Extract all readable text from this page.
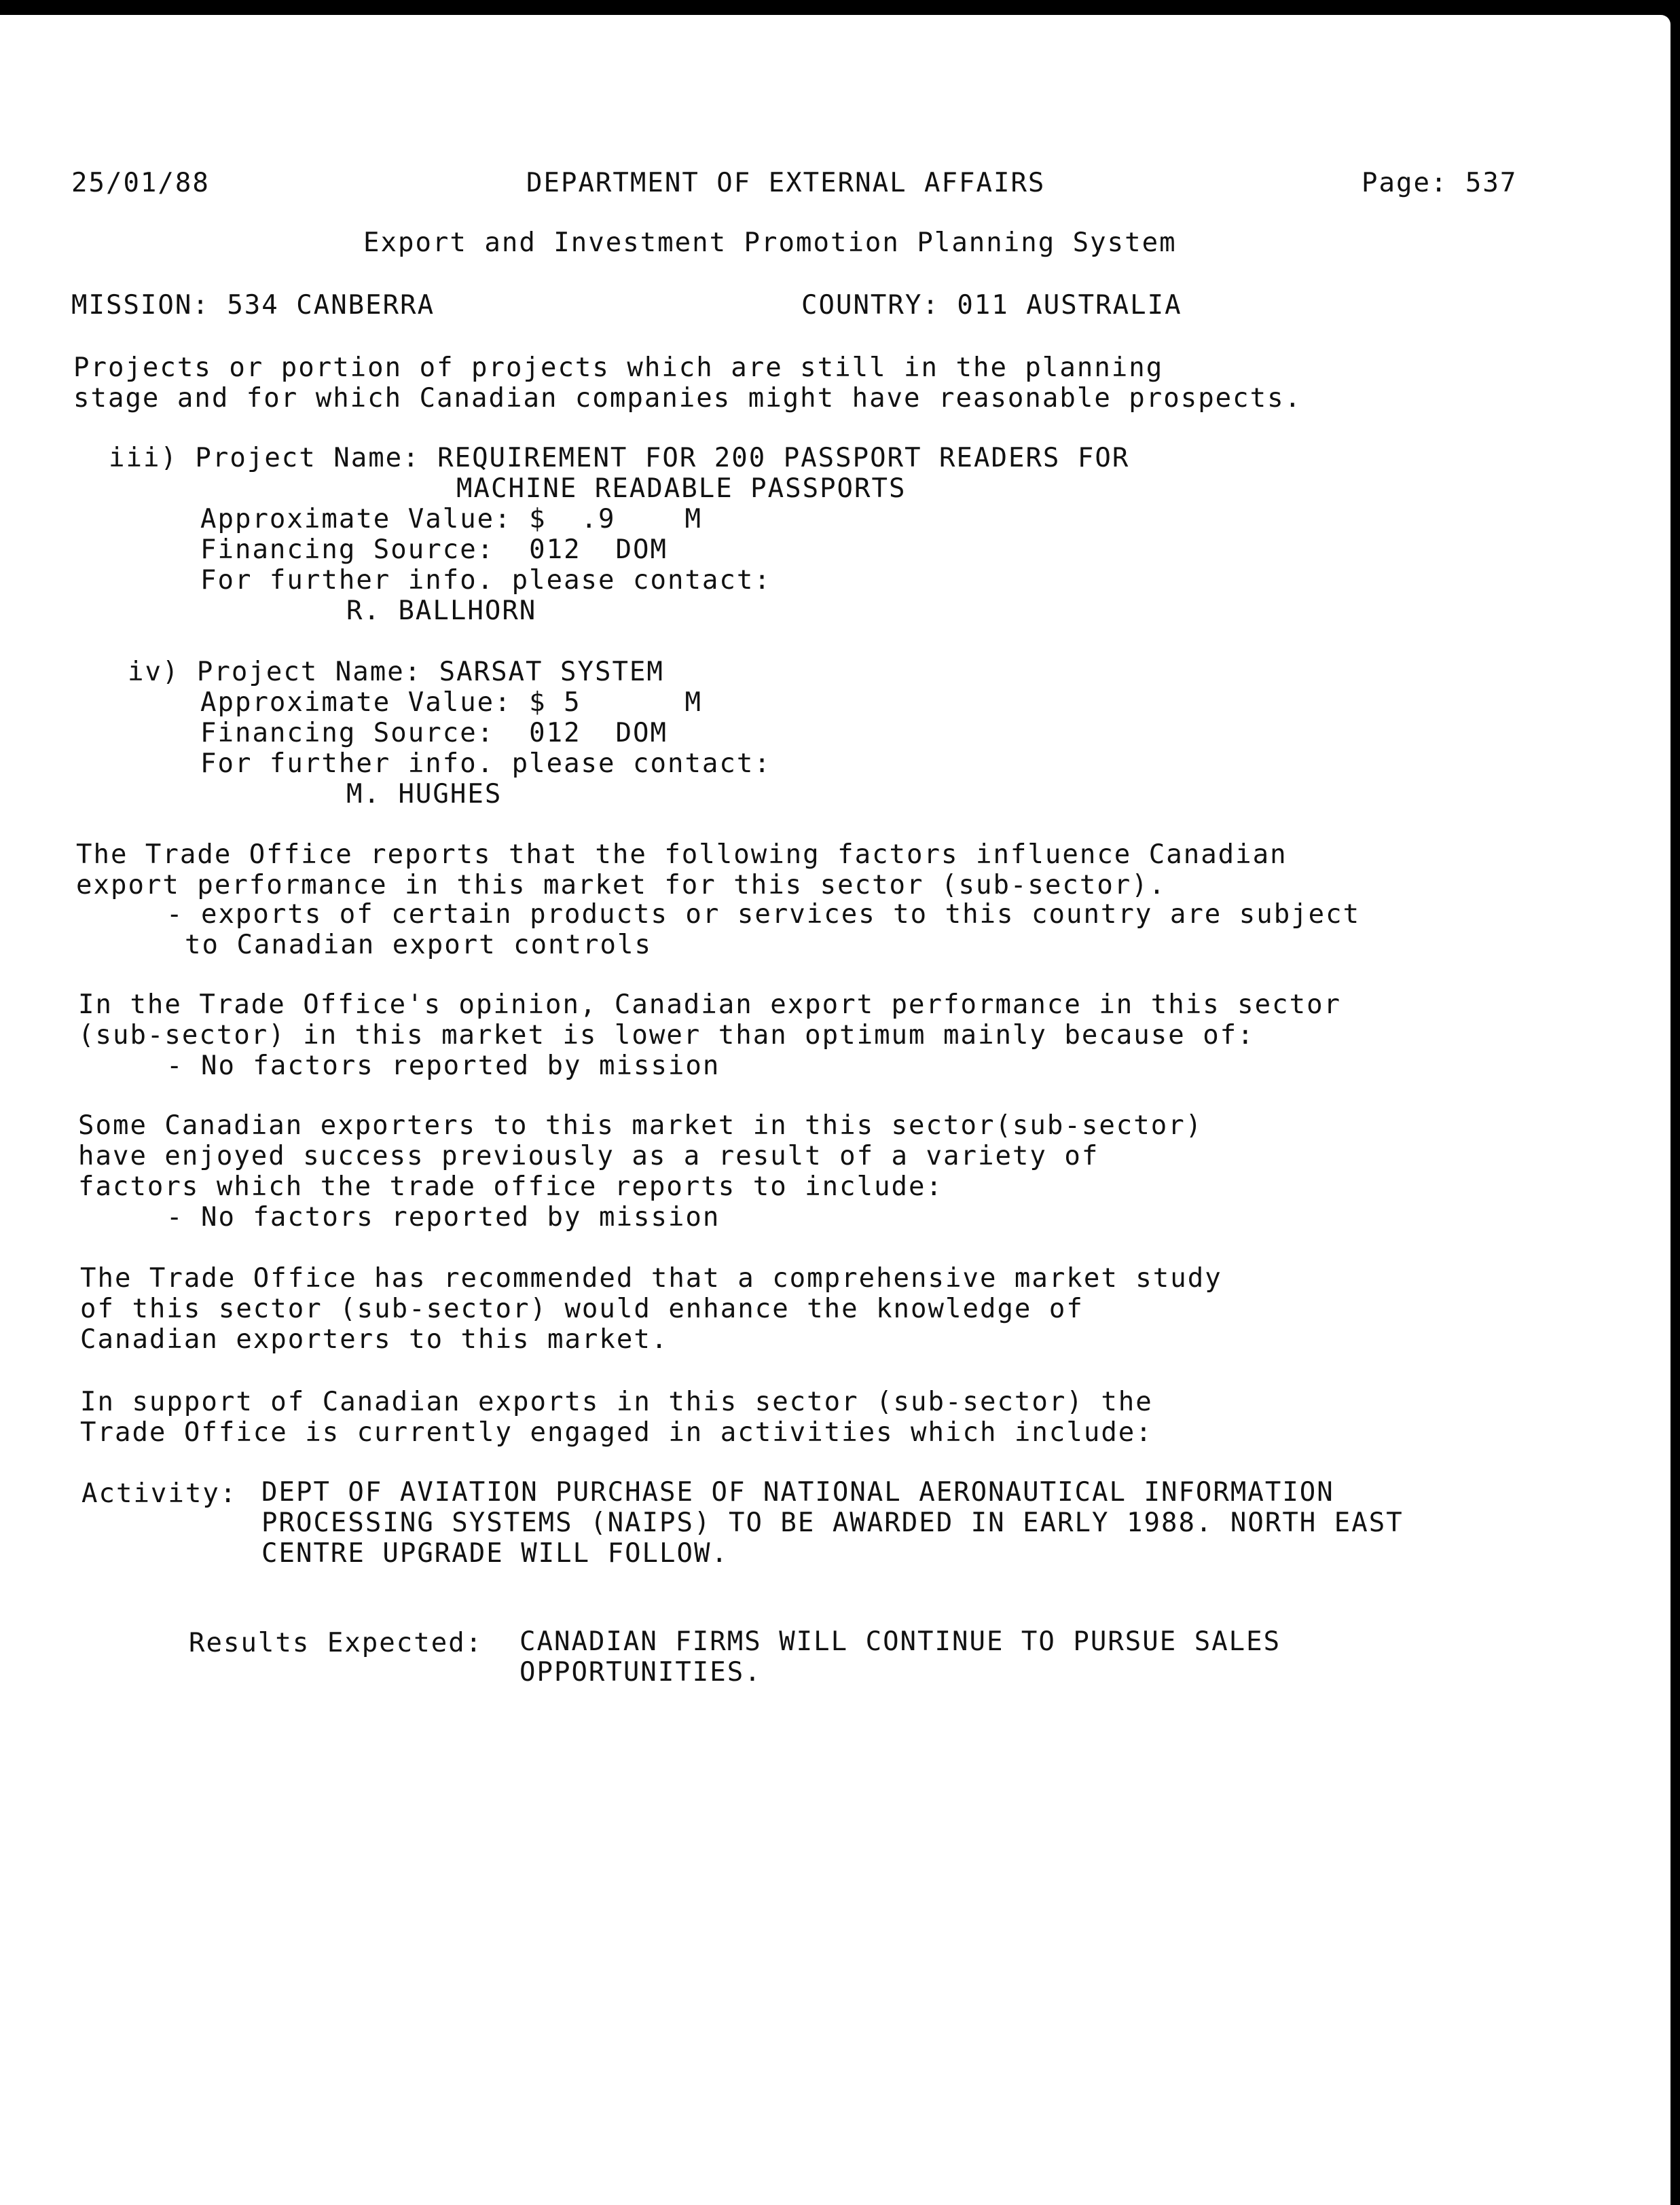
25/01/88	DEPARTMENT OF EXTERNAL AFFAIRS	Page: 537

Export and Investment Promotion Planning System

MISSION: 534 CANBERRA	COUNTRY: 011 AUSTRALIA

Projects or portion of projects which are still in the planning

stage and for which Canadian companies might have reasonable prospects.

iii) Project Name: REQUIREMENT FOR 200 PASSPORT READERS FOR

MACHINE READABLE PASSPORTS

Approximate Value: $  .9    M

Financing Source:  012  DOM

For further info. please contact:

R. BALLHORN

iv) Project Name: SARSAT SYSTEM

Approximate Value: $ 5      M

Financing Source:  012  DOM

For further info. please contact:

M. HUGHES

The Trade Office reports that the following factors influence Canadian

export performance in this market for this sector (sub-sector).

- exports of certain products or services to this country are subject

to Canadian export controls

In the Trade Office's opinion, Canadian export performance in this sector

(sub-sector) in this market is lower than optimum mainly because of:

- No factors reported by mission

Some Canadian exporters to this market in this sector(sub-sector)

have enjoyed success previously as a result of a variety of

factors which the trade office reports to include:

- No factors reported by mission

The Trade Office has recommended that a comprehensive market study

of this sector (sub-sector) would enhance the knowledge of

Canadian exporters to this market.

In support of Canadian exports in this sector (sub-sector) the

Trade Office is currently engaged in activities which include:

Activity: DEPT OF AVIATION PURCHASE OF NATIONAL AERONAUTICAL INFORMATION

PROCESSING SYSTEMS (NAIPS) TO BE AWARDED IN EARLY 1988. NORTH EAST

CENTRE UPGRADE WILL FOLLOW.

Results Expected: CANADIAN FIRMS WILL CONTINUE TO PURSUE SALES

OPPORTUNITIES.
